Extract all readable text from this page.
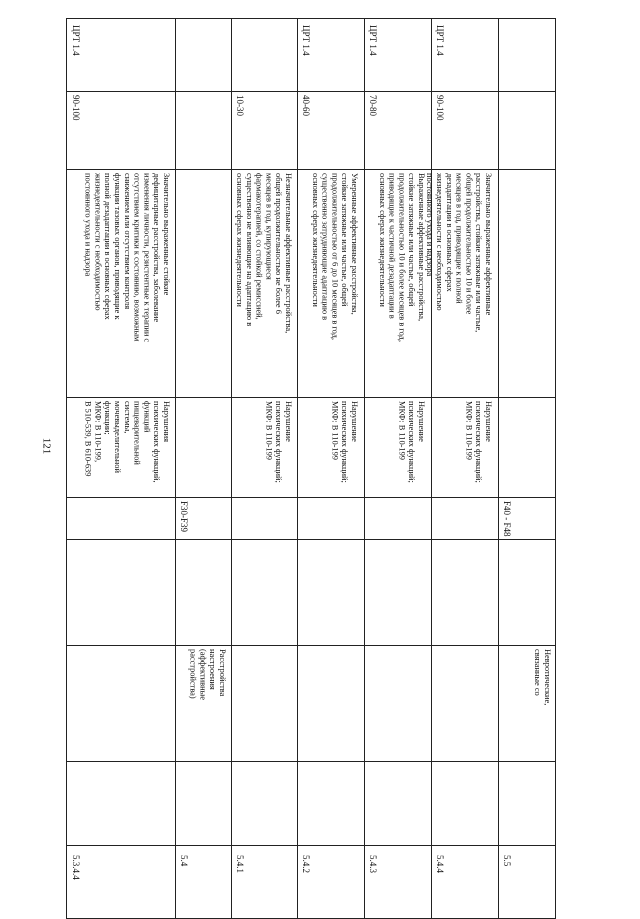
121
5.3.4.4
Нарушения
психических функций,
функций
пищеварительной
системы,
мочевыделительной
функции;
МКФ: В 110-199,
В 510-539, В 610-639
Значительно выраженные стойкие
дефицитарные расстройства, заболевание
изменения личности, резистентные к терапии с
отсутствием критики к состоянию, возможным
снижением или отсутствием контроля
функции тазовых органов, приводящие к
полной дезадаптации в основных сферах
жизнедеятельности с необходимостью
постоянного ухода и надзора
90-100
ЦРТ 1.4
5.4
Расстройства
настроения
(аффективные
расстройства)
F30-F39
5.4.1
Нарушение
психических функций;
МКФ: В 110-199
Незначительные аффективные расстройства,
общей продолжительностью не более 6
месяцев в год, купирующиеся
фармакотерапией, со стойкой ремиссией,
существенно не влияющие на адаптацию в
основных сферах жизнедеятельности
10-30
5.4.2
Нарушение
психических функций;
МКФ: В 110-199
Умеренные аффективные расстройства,
стойкие затяжные или частые, общей
продолжительностью от 6 до 10 месяцев в год,
существенно затрудняющие адаптацию в
основных сферах жизнедеятельности
40-60
ЦРТ 1.4
5.4.3
Нарушение
психических функций;
МКФ: В 110-199
Выраженные аффективные расстройства,
стойкие затяжные или частые, общей
продолжительностью 10 и более месяцев в год,
приводящие к частичной дезадаптации в
основных сферах жизнедеятельности
70-80
ЦРТ 1.4
5.4.4
Нарушение
психических функций;
МКФ: В 110-199
Значительно выраженные аффективные
расстройства, стойкие затяжные или частые,
общей продолжительностью 10 и более
месяцев в год, приводящие к полной
дезадаптации в основных сферах
жизнедеятельности с необходимостью
постоянного ухода и надзора
90-100
ЦРТ 1.4
5.5
Невротические,
связанные со
F40 - F48
